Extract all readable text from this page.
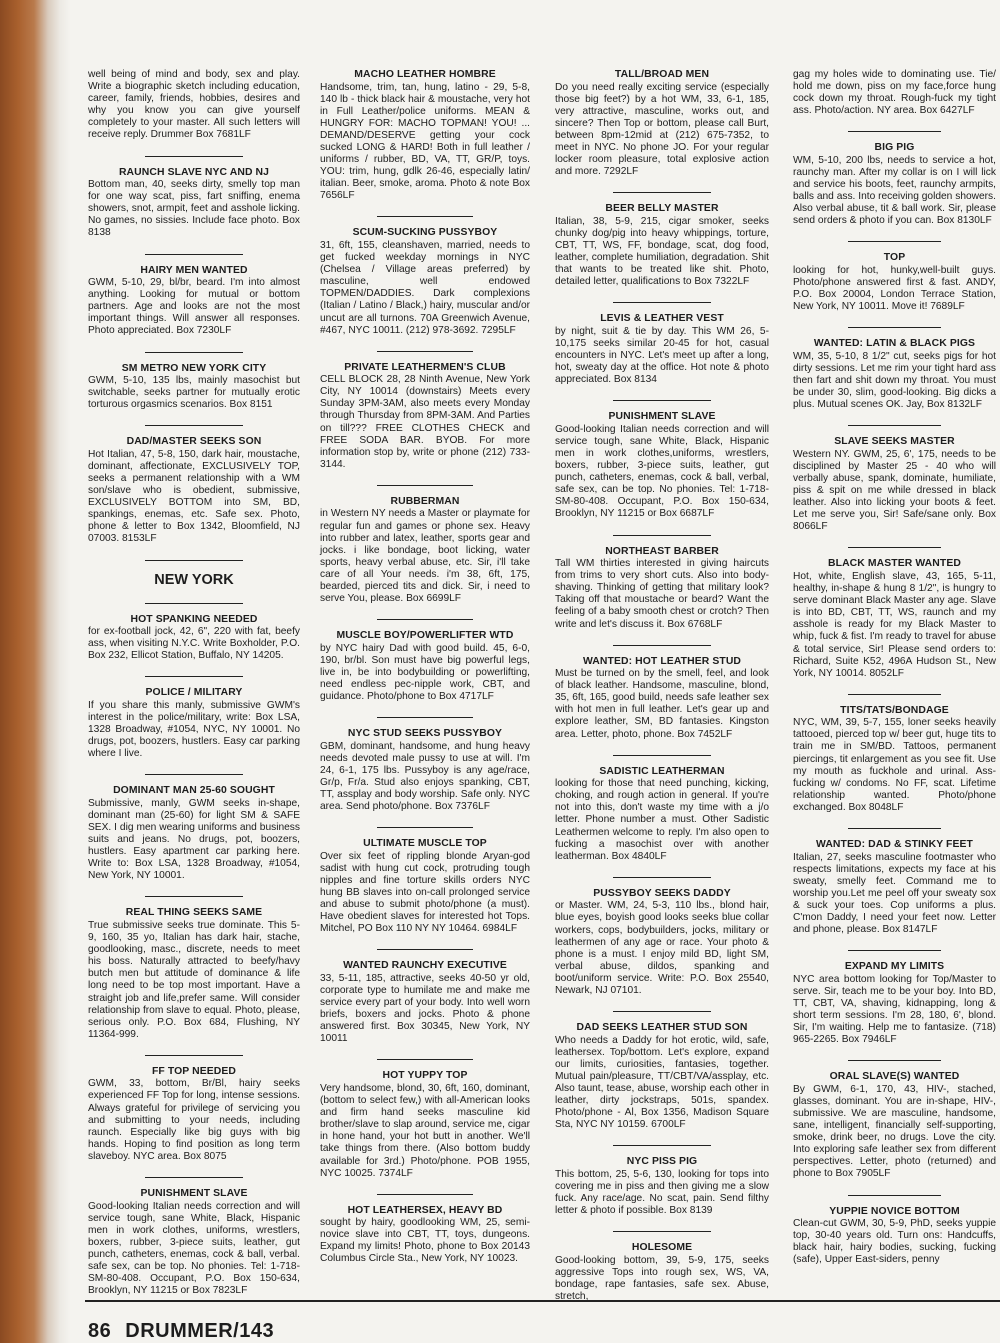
well being of mind and body, sex and play. Write a biographic sketch including education, career, family, friends, hobbies, desires and why you know you can give yourself completely to your master. All such letters will receive reply. Drummer Box 7681LF

RAUNCH SLAVE NYC AND NJ

Bottom man, 40, seeks dirty, smelly top man for one way scat, piss, fart sniffing, enema showers, snot, armpit, feet and asshole licking. No games, no sissies. Include face photo. Box 8138

HAIRY MEN WANTED

GWM, 5-10, 29, bl/br, beard. I'm into almost anything. Looking for mutual or bottom partners. Age and looks are not the most important things. Will answer all responses. Photo appreciated. Box 7230LF

SM METRO NEW YORK CITY

GWM, 5-10, 135 lbs, mainly masochist but switchable, seeks partner for mutually erotic torturous orgasmics scenarios. Box 8151

DAD/MASTER SEEKS SON

Hot Italian, 47, 5-8, 150, dark hair, moustache, dominant, affectionate, EXCLUSIVELY TOP, seeks a permanent relationship with a WM son/slave who is obedient, submissive, EXCLUSIVELY BOTTOM into SM, BD, spankings, enemas, etc. Safe sex. Photo, phone & letter to Box 1342, Bloomfield, NJ 07003. 8153LF

NEW YORK
HOT SPANKING NEEDED

for ex-football jock, 42, 6", 220 with fat, beefy ass, when visiting N.Y.C. Write Boxholder, P.O. Box 232, Ellicot Station, Buffalo, NY 14205.

POLICE / MILITARY

If you share this manly, submissive GWM's interest in the police/military, write: Box LSA, 1328 Broadway, #1054, NYC, NY 10001. No drugs, pot, boozers, hustlers. Easy car parking where I live.

DOMINANT MAN 25-60 SOUGHT

Submissive, manly, GWM seeks in-shape, dominant man (25-60) for light SM & SAFE SEX. I dig men wearing uniforms and business suits and jeans. No drugs, pot, boozers, hustlers. Easy apartment car parking here. Write to: Box LSA, 1328 Broadway, #1054, New York, NY 10001.

REAL THING SEEKS SAME

True submissive seeks true dominate. This 5-9, 160, 35 yo, Italian has dark hair, stache, goodlooking, masc., discrete, needs to meet his boss. Naturally attracted to beefy/havy butch men but attitude of dominance & life long need to be top most important. Have a straight job and life,prefer same. Will consider relationship from slave to equal. Photo, please, serious only. P.O. Box 684, Flushing, NY 11364-999.

FF TOP NEEDED

GWM, 33, bottom, Br/Bl, hairy seeks experienced FF Top for long, intense sessions. Always grateful for privilege of servicing you and submitting to your needs, including raunch. Especially like big guys with big hands. Hoping to find position as long term slaveboy. NYC area. Box 8075

PUNISHMENT SLAVE

Good-looking Italian needs correction and will service tough, sane White, Black, Hispanic men in work clothes, uniforms, wrestlers, boxers, rubber, 3-piece suits, leather, gut punch, catheters, enemas, cock & ball, verbal. safe sex, can be top. No phonies. Tel: 1-718-SM-80-408. Occupant, P.O. Box 150-634, Brooklyn, NY 11215 or Box 7823LF

MACHO LEATHER HOMBRE

Handsome, trim, tan, hung, latino - 29, 5-8, 140 lb - thick black hair & moustache, very hot in Full Leather/police uniforms. MEAN & HUNGRY FOR: MACHO TOPMAN! YOU! ... DEMAND/DESERVE getting your cock sucked LONG & HARD! Both in full leather / uniforms / rubber, BD, VA, TT, GR/P, toys. YOU: trim, hung, gdlk 26-46, especially latin/ italian. Beer, smoke, aroma. Photo & note Box 7656LF

SCUM-SUCKING PUSSYBOY

31, 6ft, 155, cleanshaven, married, needs to get fucked weekday mornings in NYC (Chelsea / Village areas preferred) by masculine, well endowed TOPMEN/DADDIES. Dark complexions (Italian / Latino / Black,) hairy, muscular and/or uncut are all turnons. 70A Greenwich Avenue, #467, NYC 10011. (212) 978-3692. 7295LF

PRIVATE LEATHERMEN'S CLUB

CELL BLOCK 28, 28 Ninth Avenue, New York City, NY 10014 (downstairs) Meets every Sunday 3PM-3AM, also meets every Monday through Thursday from 8PM-3AM. And Parties on till??? FREE CLOTHES CHECK and FREE SODA BAR. BYOB. For more information stop by, write or phone (212) 733-3144.

RUBBERMAN

in Western NY needs a Master or playmate for regular fun and games or phone sex. Heavy into rubber and latex, leather, sports gear and jocks. i like bondage, boot licking, water sports, heavy verbal abuse, etc. Sir, i'll take care of all Your needs. i'm 38, 6ft, 175, bearded, pierced tits and dick. Sir, i need to serve You, please. Box 6699LF

MUSCLE BOY/POWERLIFTER WTD

by NYC hairy Dad with good build. 45, 6-0, 190, br/bl. Son must have big powerful legs, live in, be into bodybuilding or powerlifting, need endless pec-nipple work, CBT, and guidance. Photo/phone to Box 4717LF

NYC STUD SEEKS PUSSYBOY

GBM, dominant, handsome, and hung heavy needs devoted male pussy to use at will. I'm 24, 6-1, 175 lbs. Pussyboy is any age/race, Gr/p, Fr/a. Stud also enjoys spanking, CBT, TT, assplay and body worship. Safe only. NYC area. Send photo/phone. Box 7376LF

ULTIMATE MUSCLE TOP

Over six feet of rippling blonde Aryan-god sadist with hung cut cock, protruding tough nipples and fine torture skills orders NYC hung BB slaves into on-call prolonged service and abuse to submit photo/phone (a must). Have obedient slaves for interested hot Tops. Mitchel, PO Box 110 NY NY 10464. 6984LF

WANTED RAUNCHY EXECUTIVE

33, 5-11, 185, attractive, seeks 40-50 yr old, corporate type to humilate me and make me service every part of your body. Into well worn briefs, boxers and jocks. Photo & phone answered first. Box 30345, New York, NY 10011

HOT YUPPY TOP

Very handsome, blond, 30, 6ft, 160, dominant, (bottom to select few,) with all-American looks and firm hand seeks masculine kid brother/slave to slap around, service me, cigar in hone hand, your hot butt in another. We'll take things from there. (Also bottom buddy available for 3rd.) Photo/phone. POB 1955, NYC 10025. 7374LF

HOT LEATHERSEX, HEAVY BD

sought by hairy, goodlooking WM, 25, semi-novice slave into CBT, TT, toys, dungeons. Expand my limits! Photo, phone to Box 20143 Columbus Circle Sta., New York, NY 10023.

TALL/BROAD MEN

Do you need really exciting service (especially those big feet?) by a hot WM, 33, 6-1, 185, very attractive, masculine, works out, and sincere? Then Top or bottom, please call Burt, between 8pm-12mid at (212) 675-7352, to meet in NYC. No phone JO. For your regular locker room pleasure, total explosive action and more. 7292LF

BEER BELLY MASTER

Italian, 38, 5-9, 215, cigar smoker, seeks chunky dog/pig into heavy whippings, torture, CBT, TT, WS, FF, bondage, scat, dog food, leather, complete humiliation, degradation. Shit that wants to be treated like shit. Photo, detailed letter, qualifications to Box 7322LF

LEVIS & LEATHER VEST

by night, suit & tie by day. This WM 26, 5-10,175 seeks similar 20-45 for hot, casual encounters in NYC. Let's meet up after a long, hot, sweaty day at the office. Hot note & photo appreciated. Box 8134

PUNISHMENT SLAVE

Good-looking Italian needs correction and will service tough, sane White, Black, Hispanic men in work clothes,uniforms, wrestlers, boxers, rubber, 3-piece suits, leather, gut punch, catheters, enemas, cock & ball, verbal, safe sex, can be top. No phonies. Tel: 1-718-SM-80-408. Occupant, P.O. Box 150-634, Brooklyn, NY 11215 or Box 6687LF

NORTHEAST BARBER

Tall WM thirties interested in giving haircuts from trims to very short cuts. Also into body-shaving. Thinking of getting that military look? Taking off that moustache or beard? Want the feeling of a baby smooth chest or crotch? Then write and let's discuss it. Box 6768LF

WANTED: HOT LEATHER STUD

Must be turned on by the smell, feel, and look of black leather. Handsome, masculine, blond, 35, 6ft, 165, good build, needs safe leather sex with hot men in full leather. Let's gear up and explore leather, SM, BD fantasies. Kingston area. Letter, photo, phone. Box 7452LF

SADISTIC LEATHERMAN

looking for those that need punching, kicking, choking, and rough action in general. If you're not into this, don't waste my time with a j/o letter. Phone number a must. Other Sadistic Leathermen welcome to reply. I'm also open to fucking a masochist over with another leatherman. Box 4840LF

PUSSYBOY SEEKS DADDY

or Master. WM, 24, 5-3, 110 lbs., blond hair, blue eyes, boyish good looks seeks blue collar workers, cops, bodybuilders, jocks, military or leathermen of any age or race. Your photo & phone is a must. I enjoy mild BD, light SM, verbal abuse, dildos, spanking and boot/uniform service. Write: P.O. Box 25540, Newark, NJ 07101.

DAD SEEKS LEATHER STUD SON

Who needs a Daddy for hot erotic, wild, safe, leathersex. Top/bottom. Let's explore, expand our limits, curiosities, fantasies, together. Mutual pain/pleasure, TT/CBT/VA/assplay, etc. Also taunt, tease, abuse, worship each other in leather, dirty jockstraps, 501s, spandex. Photo/phone - Al, Box 1356, Madison Square Sta, NYC NY 10159. 6700LF

NYC PISS PIG

This bottom, 25, 5-6, 130, looking for tops into covering me in piss and then giving me a slow fuck. Any race/age. No scat, pain. Send filthy letter & photo if possible. Box 8139

HOLESOME

Good-looking bottom, 39, 5-9, 175, seeks aggressive Tops into rough sex, WS, VA, bondage, rape fantasies, safe sex. Abuse, stretch,

gag my holes wide to dominating use. Tie/ hold me down, piss on my face,force hung cock down my throat. Rough-fuck my tight ass. Photo/action. NY area. Box 6427LF

BIG PIG

WM, 5-10, 200 lbs, needs to service a hot, raunchy man. After my collar is on I will lick and service his boots, feet, raunchy armpits, balls and ass. Into receiving golden showers. Also verbal abuse, tit & ball work. Sir, please send orders & photo if you can. Box 8130LF

TOP

looking for hot, hunky,well-built guys. Photo/phone answered first & fast. ANDY, P.O. Box 20004, London Terrace Station, New York, NY 10011. Move it! 7689LF

WANTED: LATIN & BLACK PIGS

WM, 35, 5-10, 8 1/2" cut, seeks pigs for hot dirty sessions. Let me rim your tight hard ass then fart and shit down my throat. You must be under 30, slim, good-looking. Big dicks a plus. Mutual scenes OK. Jay, Box 8132LF

SLAVE SEEKS MASTER

Western NY. GWM, 25, 6', 175, needs to be disciplined by Master 25 - 40 who will verbally abuse, spank, dominate, humiliate, piss & spit on me while dressed in black leather. Also into licking your boots & feet. Let me serve you, Sir! Safe/sane only. Box 8066LF

BLACK MASTER WANTED

Hot, white, English slave, 43, 165, 5-11, healthy, in-shape & hung 8 1/2", is hungry to serve dominant Black Master any age. Slave is into BD, CBT, TT, WS, raunch and my asshole is ready for my Black Master to whip, fuck & fist. I'm ready to travel for abuse & total service, Sir! Please send orders to: Richard, Suite K52, 496A Hudson St., New York, NY 10014. 8052LF

TITS/TATS/BONDAGE

NYC, WM, 39, 5-7, 155, loner seeks heavily tattooed, pierced top w/ beer gut, huge tits to train me in SM/BD. Tattoos, permanent piercings, tit enlargement as you see fit. Use my mouth as fuckhole and urinal. Ass-fucking w/ condoms. No FF, scat. Lifetime relationship wanted. Photo/phone exchanged. Box 8048LF

WANTED: DAD & STINKY FEET

Italian, 27, seeks masculine footmaster who respects limitations, expects my face at his sweaty, smelly feet. Command me to worship you.Let me peel off your sweaty sox & suck your toes. Cop uniforms a plus. C'mon Daddy, I need your feet now. Letter and phone, please. Box 8147LF

EXPAND MY LIMITS

NYC area bottom looking for Top/Master to serve. Sir, teach me to be your boy. Into BD, TT, CBT, VA, shaving, kidnapping, long & short term sessions. I'm 28, 180, 6', blond. Sir, I'm waiting. Help me to fantasize. (718) 965-2265. Box 7946LF

ORAL SLAVE(S) WANTED

By GWM, 6-1, 170, 43, HIV-, stached, glasses, dominant. You are in-shape, HIV-, submissive. We are masculine, handsome, sane, intelligent, financially self-supporting, smoke, drink beer, no drugs. Love the city. Into exploring safe leather sex from different perspectives. Letter, photo (returned) and phone to Box 7905LF

YUPPIE NOVICE BOTTOM

Clean-cut GWM, 30, 5-9, PhD, seeks yuppie top, 30-40 years old. Turn ons: Handcuffs, black hair, hairy bodies, sucking, fucking (safe), Upper East-siders, penny

86 DRUMMER/143
